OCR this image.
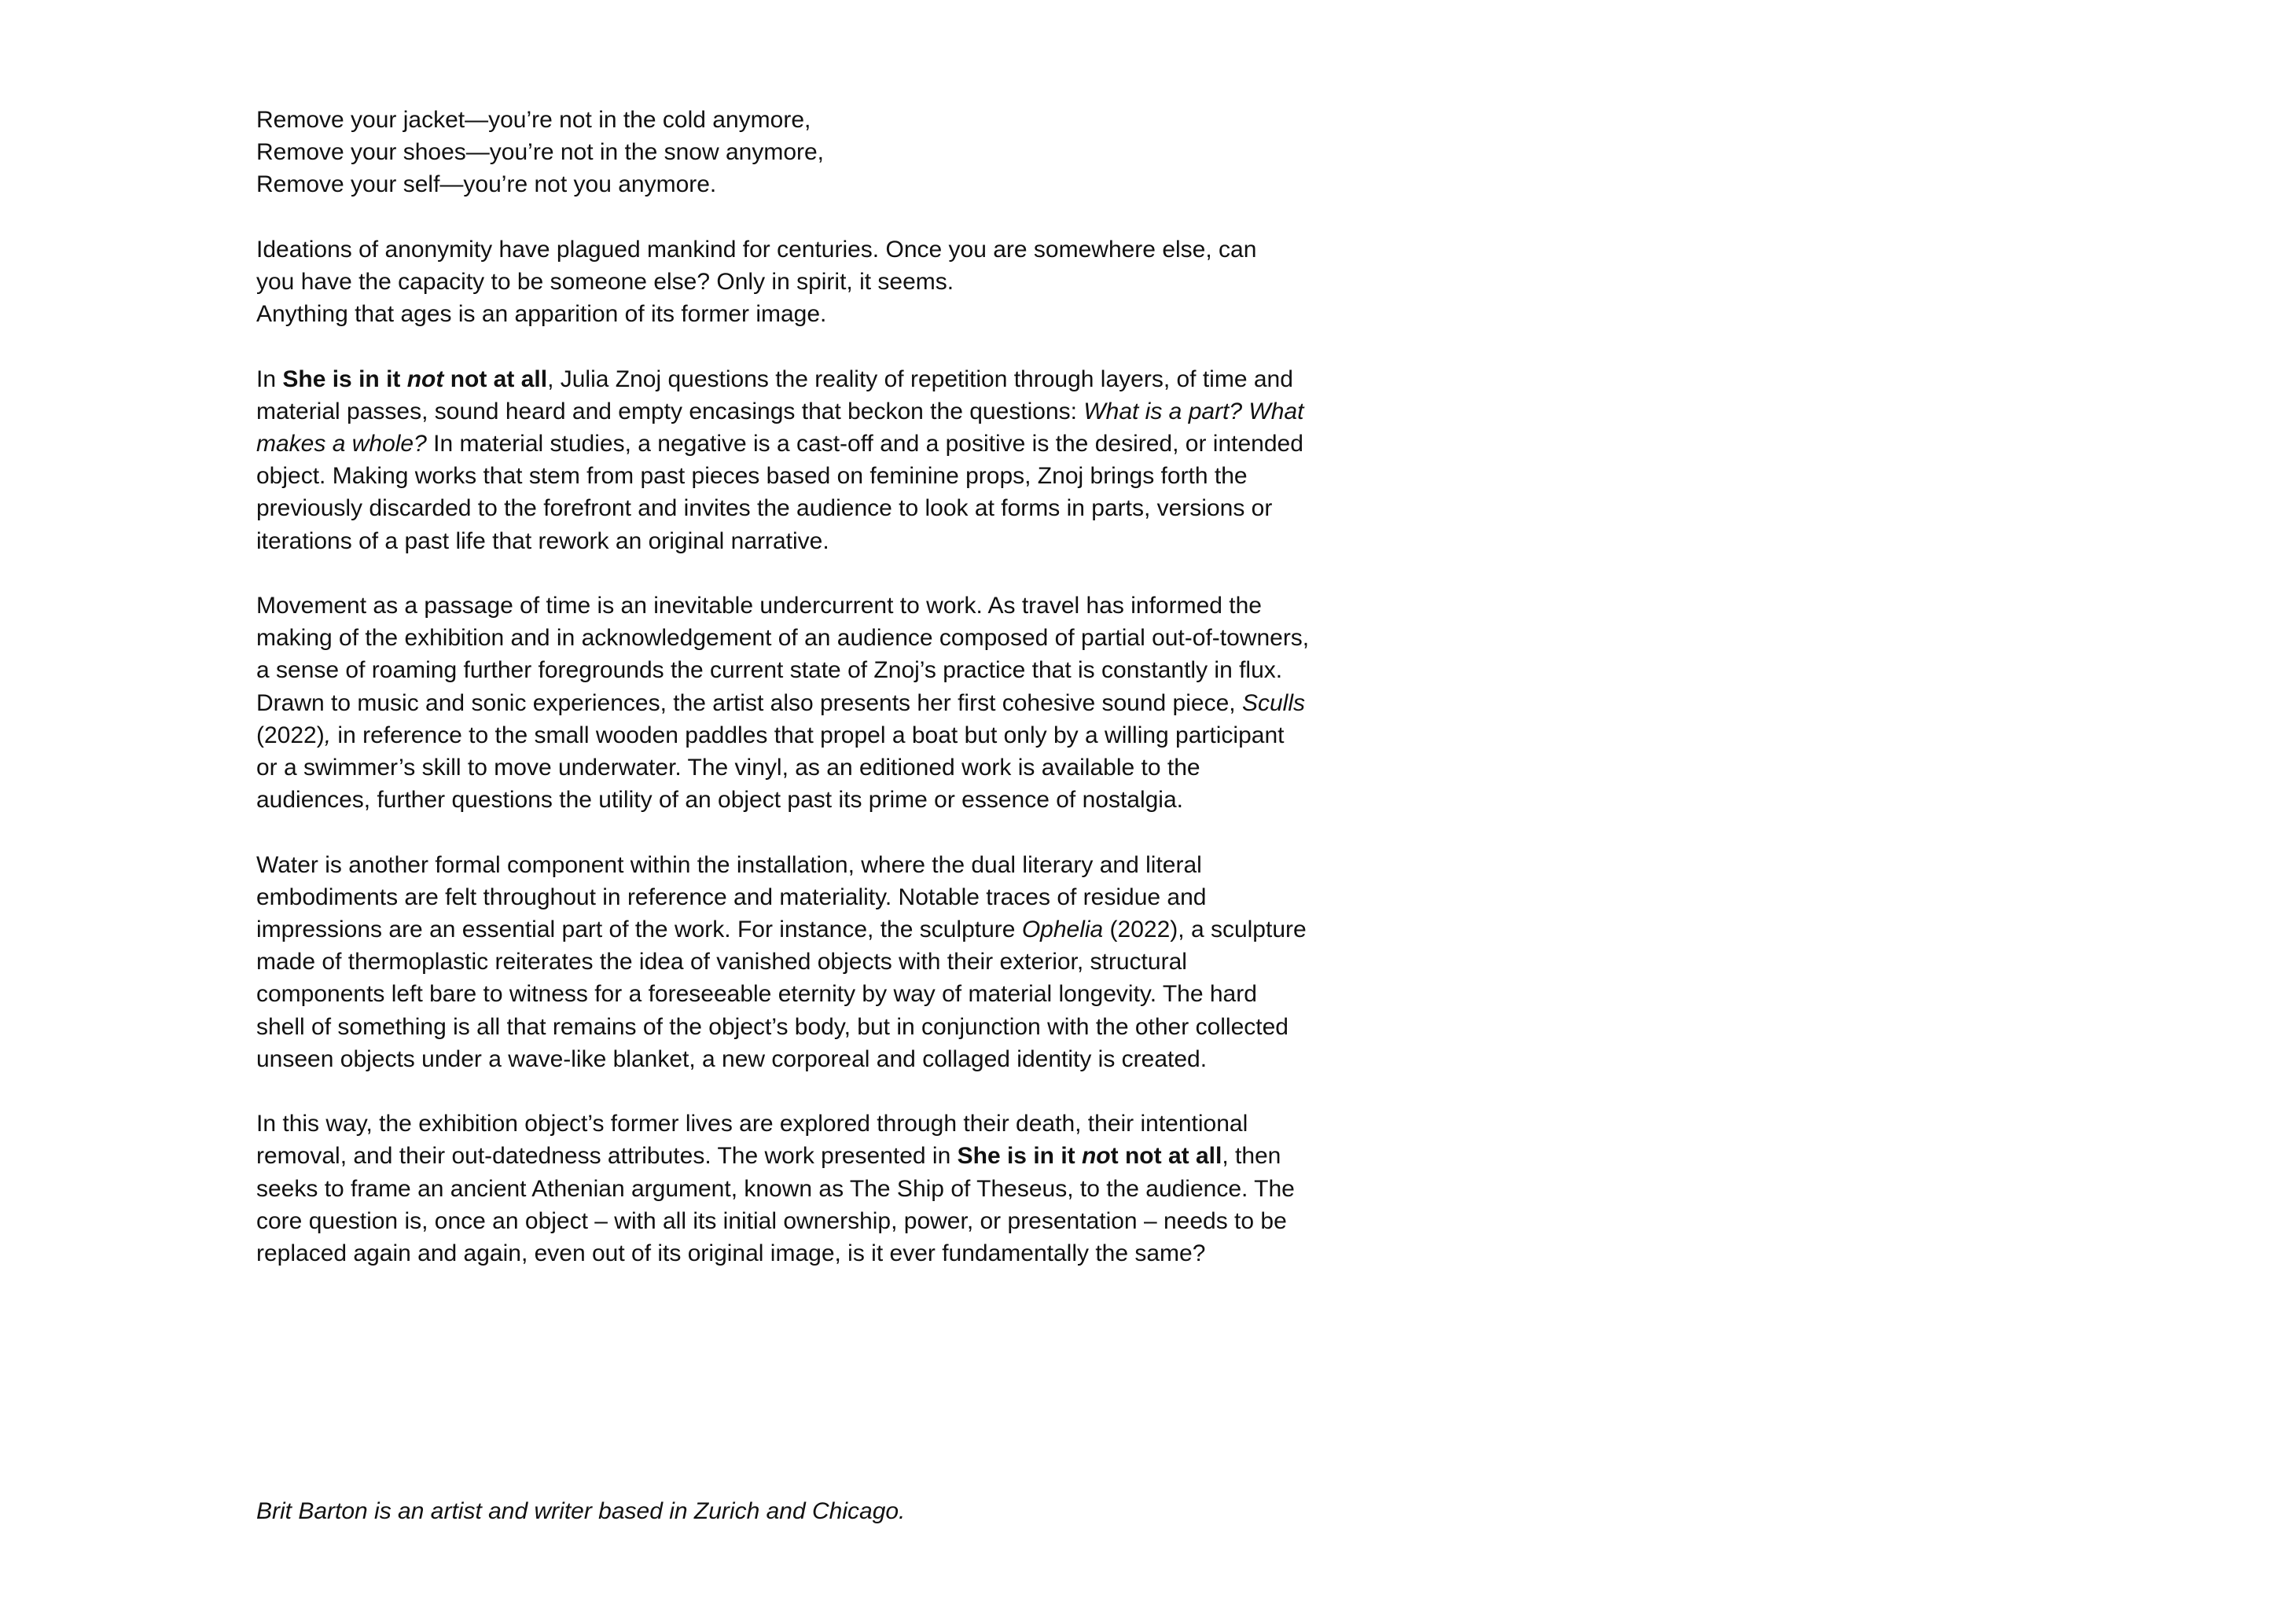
Remove your jacket—you’re not in the cold anymore,
Remove your shoes—you’re not in the snow anymore,
Remove your self—you’re not you anymore.

Ideations of anonymity have plagued mankind for centuries. Once you are somewhere else, can
you have the capacity to be someone else? Only in spirit, it seems.
Anything that ages is an apparition of its former image.

In She is in it not not at all, Julia Znoj questions the reality of repetition through layers, of time and material passes, sound heard and empty encasings that beckon the questions: What is a part? What makes a whole? In material studies, a negative is a cast-off and a positive is the desired, or intended object. Making works that stem from past pieces based on feminine props, Znoj brings forth the previously discarded to the forefront and invites the audience to look at forms in parts, versions or iterations of a past life that rework an original narrative.

Movement as a passage of time is an inevitable undercurrent to work. As travel has informed the making of the exhibition and in acknowledgement of an audience composed of partial out-of-towners, a sense of roaming further foregrounds the current state of Znoj’s practice that is constantly in flux. Drawn to music and sonic experiences, the artist also presents her first cohesive sound piece, Sculls (2022), in reference to the small wooden paddles that propel a boat but only by a willing participant or a swimmer’s skill to move underwater. The vinyl, as an editioned work is available to the audiences, further questions the utility of an object past its prime or essence of nostalgia.

Water is another formal component within the installation, where the dual literary and literal embodiments are felt throughout in reference and materiality. Notable traces of residue and impressions are an essential part of the work. For instance, the sculpture Ophelia (2022), a sculpture made of thermoplastic reiterates the idea of vanished objects with their exterior, structural components left bare to witness for a foreseeable eternity by way of material longevity. The hard shell of something is all that remains of the object’s body, but in conjunction with the other collected unseen objects under a wave-like blanket, a new corporeal and collaged identity is created.

In this way, the exhibition object’s former lives are explored through their death, their intentional removal, and their out-datedness attributes. The work presented in She is in it not not at all, then seeks to frame an ancient Athenian argument, known as The Ship of Theseus, to the audience. The core question is, once an object – with all its initial ownership, power, or presentation – needs to be replaced again and again, even out of its original image, is it ever fundamentally the same?

Brit Barton is an artist and writer based in Zurich and Chicago.
